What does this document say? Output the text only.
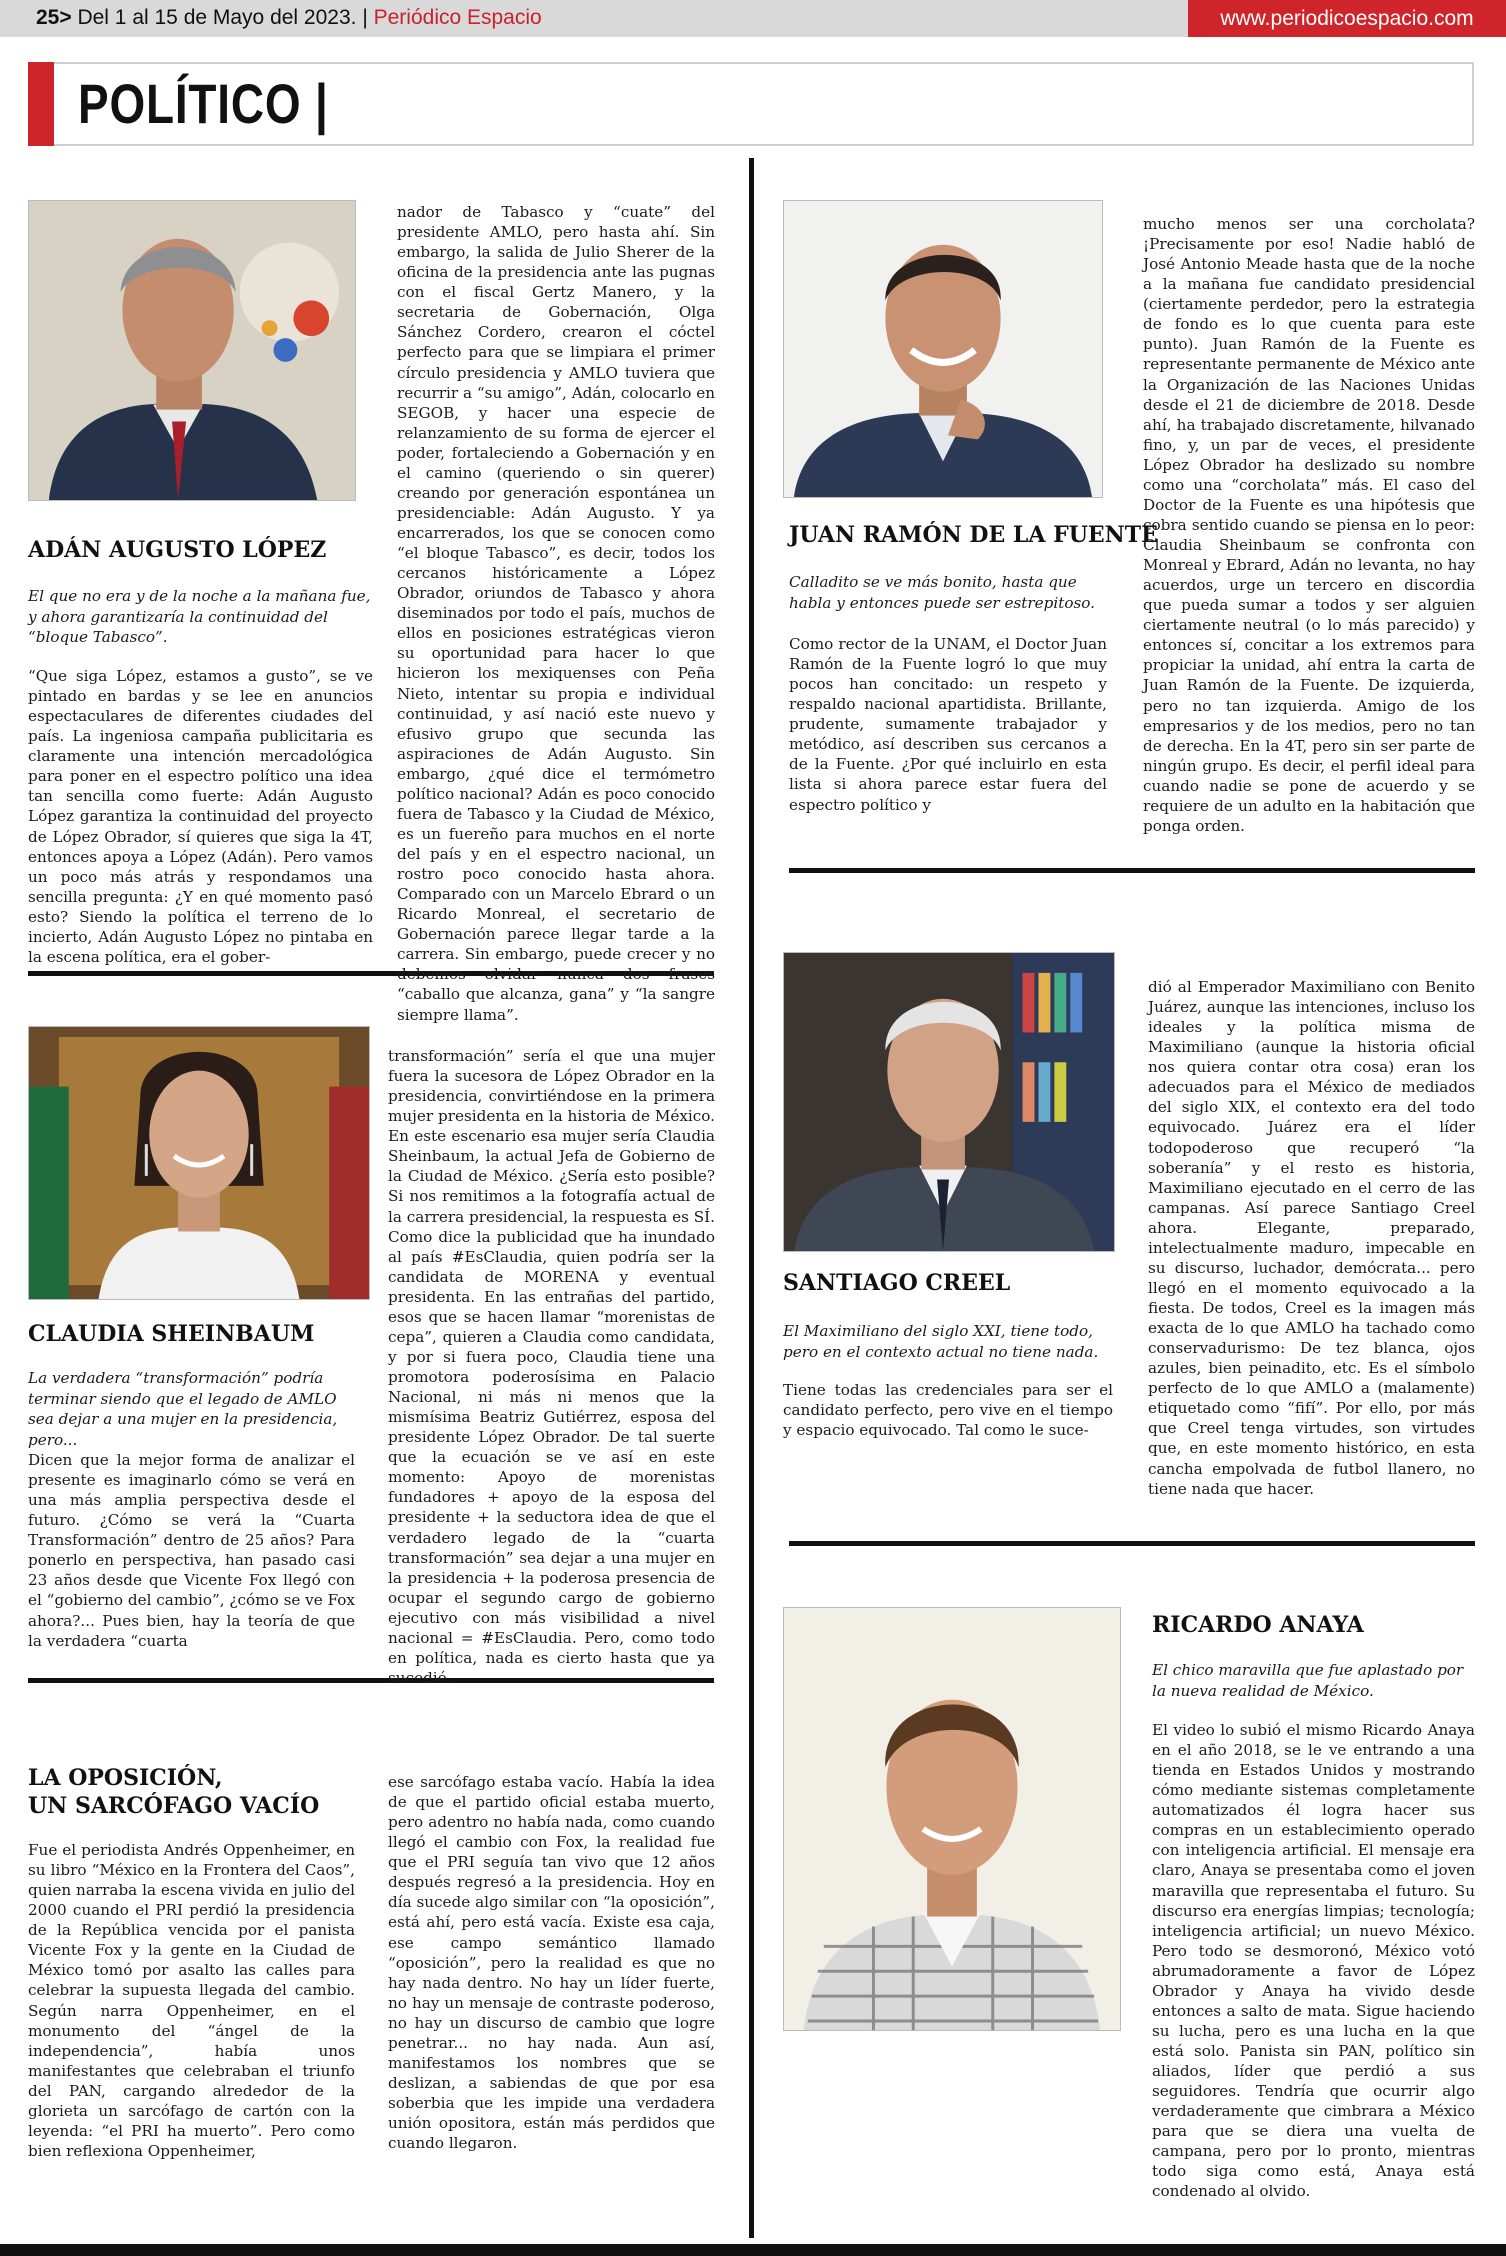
25> Del 1 al 15 de Mayo del 2023. | Periódico Espacio	www.periodicoespacio.com
POLÍTICO |
ADÁN AUGUSTO LÓPEZ
El que no era y de la noche a la mañana fue, y ahora garantizaría la continuidad del “bloque Tabasco”.
“Que siga López, estamos a gusto”, se ve pintado en bardas y se lee en anuncios espectaculares de diferentes ciudades del país. La ingeniosa campaña publicitaria es claramente una intención mercadológica para poner en el espectro político una idea tan sencilla como fuerte: Adán Augusto López garantiza la continuidad del proyecto de López Obrador, sí quieres que siga la 4T, entonces apoya a López (Adán). Pero vamos un poco más atrás y respondamos una sencilla pregunta: ¿Y en qué momento pasó esto? Siendo la política el terreno de lo incierto, Adán Augusto López no pintaba en la escena política, era el gober-
nador de Tabasco y “cuate” del presidente AMLO, pero hasta ahí. Sin embargo, la salida de Julio Sherer de la oficina de la presidencia ante las pugnas con el fiscal Gertz Manero, y la secretaria de Gobernación, Olga Sánchez Cordero, crearon el cóctel perfecto para que se limpiara el primer círculo presidencia y AMLO tuviera que recurrir a “su amigo”, Adán, colocarlo en SEGOB, y hacer una especie de relanzamiento de su forma de ejercer el poder, fortaleciendo a Gobernación y en el camino (queriendo o sin querer) creando por generación espontánea un presidenciable: Adán Augusto. Y ya encarrerados, los que se conocen como “el bloque Tabasco”, es decir, todos los cercanos históricamente a López Obrador, oriundos de Tabasco y ahora diseminados por todo el país, muchos de ellos en posiciones estratégicas vieron su oportunidad para hacer lo que hicieron los mexiquenses con Peña Nieto, intentar su propia e individual continuidad, y así nació este nuevo y efusivo grupo que secunda las aspiraciones de Adán Augusto. Sin embargo, ¿qué dice el termómetro político nacional? Adán es poco conocido fuera de Tabasco y la Ciudad de México, es un fuereño para muchos en el norte del país y en el espectro nacional, un rostro poco conocido hasta ahora. Comparado con un Marcelo Ebrard o un Ricardo Monreal, el secretario de Gobernación parece llegar tarde a la carrera. Sin embargo, puede crecer y no debemos olvidar nunca dos frases “caballo que alcanza, gana” y “la sangre siempre llama”.
JUAN RAMÓN DE LA FUENTE
Calladito se ve más bonito, hasta que habla y entonces puede ser estrepitoso.
Como rector de la UNAM, el Doctor Juan Ramón de la Fuente logró lo que muy pocos han concitado: un respeto y respaldo nacional apartidista. Brillante, prudente, sumamente trabajador y metódico, así describen sus cercanos a de la Fuente. ¿Por qué incluirlo en esta lista si ahora parece estar fuera del espectro político y
mucho menos ser una corcholata? ¡Precisamente por eso! Nadie habló de José Antonio Meade hasta que de la noche a la mañana fue candidato presidencial (ciertamente perdedor, pero la estrategia de fondo es lo que cuenta para este punto). Juan Ramón de la Fuente es representante permanente de México ante la Organización de las Naciones Unidas desde el 21 de diciembre de 2018. Desde ahí, ha trabajado discretamente, hilvanado fino, y, un par de veces, el presidente López Obrador ha deslizado su nombre como una “corcholata” más. El caso del Doctor de la Fuente es una hipótesis que cobra sentido cuando se piensa en lo peor: Claudia Sheinbaum se confronta con Monreal y Ebrard, Adán no levanta, no hay acuerdos, urge un tercero en discordia que pueda sumar a todos y ser alguien ciertamente neutral (o lo más parecido) y entonces sí, concitar a los extremos para propiciar la unidad, ahí entra la carta de Juan Ramón de la Fuente. De izquierda, pero no tan izquierda. Amigo de los empresarios y de los medios, pero no tan de derecha. En la 4T, pero sin ser parte de ningún grupo. Es decir, el perfil ideal para cuando nadie se pone de acuerdo y se requiere de un adulto en la habitación que ponga orden.
CLAUDIA SHEINBAUM
La verdadera “transformación” podría terminar siendo que el legado de AMLO sea dejar a una mujer en la presidencia, pero...
Dicen que la mejor forma de analizar el presente es imaginarlo cómo se verá en una más amplia perspectiva desde el futuro. ¿Cómo se verá la “Cuarta Transformación” dentro de 25 años? Para ponerlo en perspectiva, han pasado casi 23 años desde que Vicente Fox llegó con el “gobierno del cambio”, ¿cómo se ve Fox ahora?... Pues bien, hay la teoría de que la verdadera “cuarta
transformación” sería el que una mujer fuera la sucesora de López Obrador en la presidencia, convirtiéndose en la primera mujer presidenta en la historia de México. En este escenario esa mujer sería Claudia Sheinbaum, la actual Jefa de Gobierno de la Ciudad de México. ¿Sería esto posible? Si nos remitimos a la fotografía actual de la carrera presidencial, la respuesta es SÍ. Como dice la publicidad que ha inundado al país #EsClaudia, quien podría ser la candidata de MORENA y eventual presidenta. En las entrañas del partido, esos que se hacen llamar “morenistas de cepa”, quieren a Claudia como candidata, y por si fuera poco, Claudia tiene una promotora poderosísima en Palacio Nacional, ni más ni menos que la mismísima Beatriz Gutiérrez, esposa del presidente López Obrador. De tal suerte que la ecuación se ve así en este momento: Apoyo de morenistas fundadores + apoyo de la esposa del presidente + la seductora idea de que el verdadero legado de la “cuarta transformación” sea dejar a una mujer en la presidencia + la poderosa presencia de ocupar el segundo cargo de gobierno ejecutivo con más visibilidad a nivel nacional = #EsClaudia. Pero, como todo en política, nada es cierto hasta que ya sucedió.
SANTIAGO CREEL
El Maximiliano del siglo XXI, tiene todo, pero en el contexto actual no tiene nada.
Tiene todas las credenciales para ser el candidato perfecto, pero vive en el tiempo y espacio equivocado. Tal como le suce-
dió al Emperador Maximiliano con Benito Juárez, aunque las intenciones, incluso los ideales y la política misma de Maximiliano (aunque la historia oficial nos quiera contar otra cosa) eran los adecuados para el México de mediados del siglo XIX, el contexto era del todo equivocado. Juárez era el líder todopoderoso que recuperó “la soberanía” y el resto es historia, Maximiliano ejecutado en el cerro de las campanas. Así parece Santiago Creel ahora. Elegante, preparado, intelectualmente maduro, impecable en su discurso, luchador, demócrata... pero llegó en el momento equivocado a la fiesta. De todos, Creel es la imagen más exacta de lo que AMLO ha tachado como conservadurismo: De tez blanca, ojos azules, bien peinadito, etc. Es el símbolo perfecto de lo que AMLO a (malamente) etiquetado como “fifí”. Por ello, por más que Creel tenga virtudes, son virtudes que, en este momento histórico, en esta cancha empolvada de futbol llanero, no tiene nada que hacer.
LA OPOSICIÓN,
UN SARCÓFAGO VACÍO
Fue el periodista Andrés Oppenheimer, en su libro “México en la Frontera del Caos”, quien narraba la escena vivida en julio del 2000 cuando el PRI perdió la presidencia de la República vencida por el panista Vicente Fox y la gente en la Ciudad de México tomó por asalto las calles para celebrar la supuesta llegada del cambio. Según narra Oppenheimer, en el monumento del “ángel de la independencia”, había unos manifestantes que celebraban el triunfo del PAN, cargando alrededor de la glorieta un sarcófago de cartón con la leyenda: “el PRI ha muerto”. Pero como bien reflexiona Oppenheimer,
ese sarcófago estaba vacío. Había la idea de que el partido oficial estaba muerto, pero adentro no había nada, como cuando llegó el cambio con Fox, la realidad fue que el PRI seguía tan vivo que 12 años después regresó a la presidencia. Hoy en día sucede algo similar con “la oposición”, está ahí, pero está vacía. Existe esa caja, ese campo semántico llamado “oposición”, pero la realidad es que no hay nada dentro. No hay un líder fuerte, no hay un mensaje de contraste poderoso, no hay un discurso de cambio que logre penetrar... no hay nada. Aun así, manifestamos los nombres que se deslizan, a sabiendas de que por esa soberbia que les impide una verdadera unión opositora, están más perdidos que cuando llegaron.
RICARDO ANAYA
El chico maravilla que fue aplastado por la nueva realidad de México.
El video lo subió el mismo Ricardo Anaya en el año 2018, se le ve entrando a una tienda en Estados Unidos y mostrando cómo mediante sistemas completamente automatizados él logra hacer sus compras en un establecimiento operado con inteligencia artificial. El mensaje era claro, Anaya se presentaba como el joven maravilla que representaba el futuro. Su discurso era energías limpias; tecnología; inteligencia artificial; un nuevo México. Pero todo se desmoronó, México votó abrumadoramente a favor de López Obrador y Anaya ha vivido desde entonces a salto de mata. Sigue haciendo su lucha, pero es una lucha en la que está solo. Panista sin PAN, político sin aliados, líder que perdió a sus seguidores. Tendría que ocurrir algo verdaderamente que cimbrara a México para que se diera una vuelta de campana, pero por lo pronto, mientras todo siga como está, Anaya está condenado al olvido.
